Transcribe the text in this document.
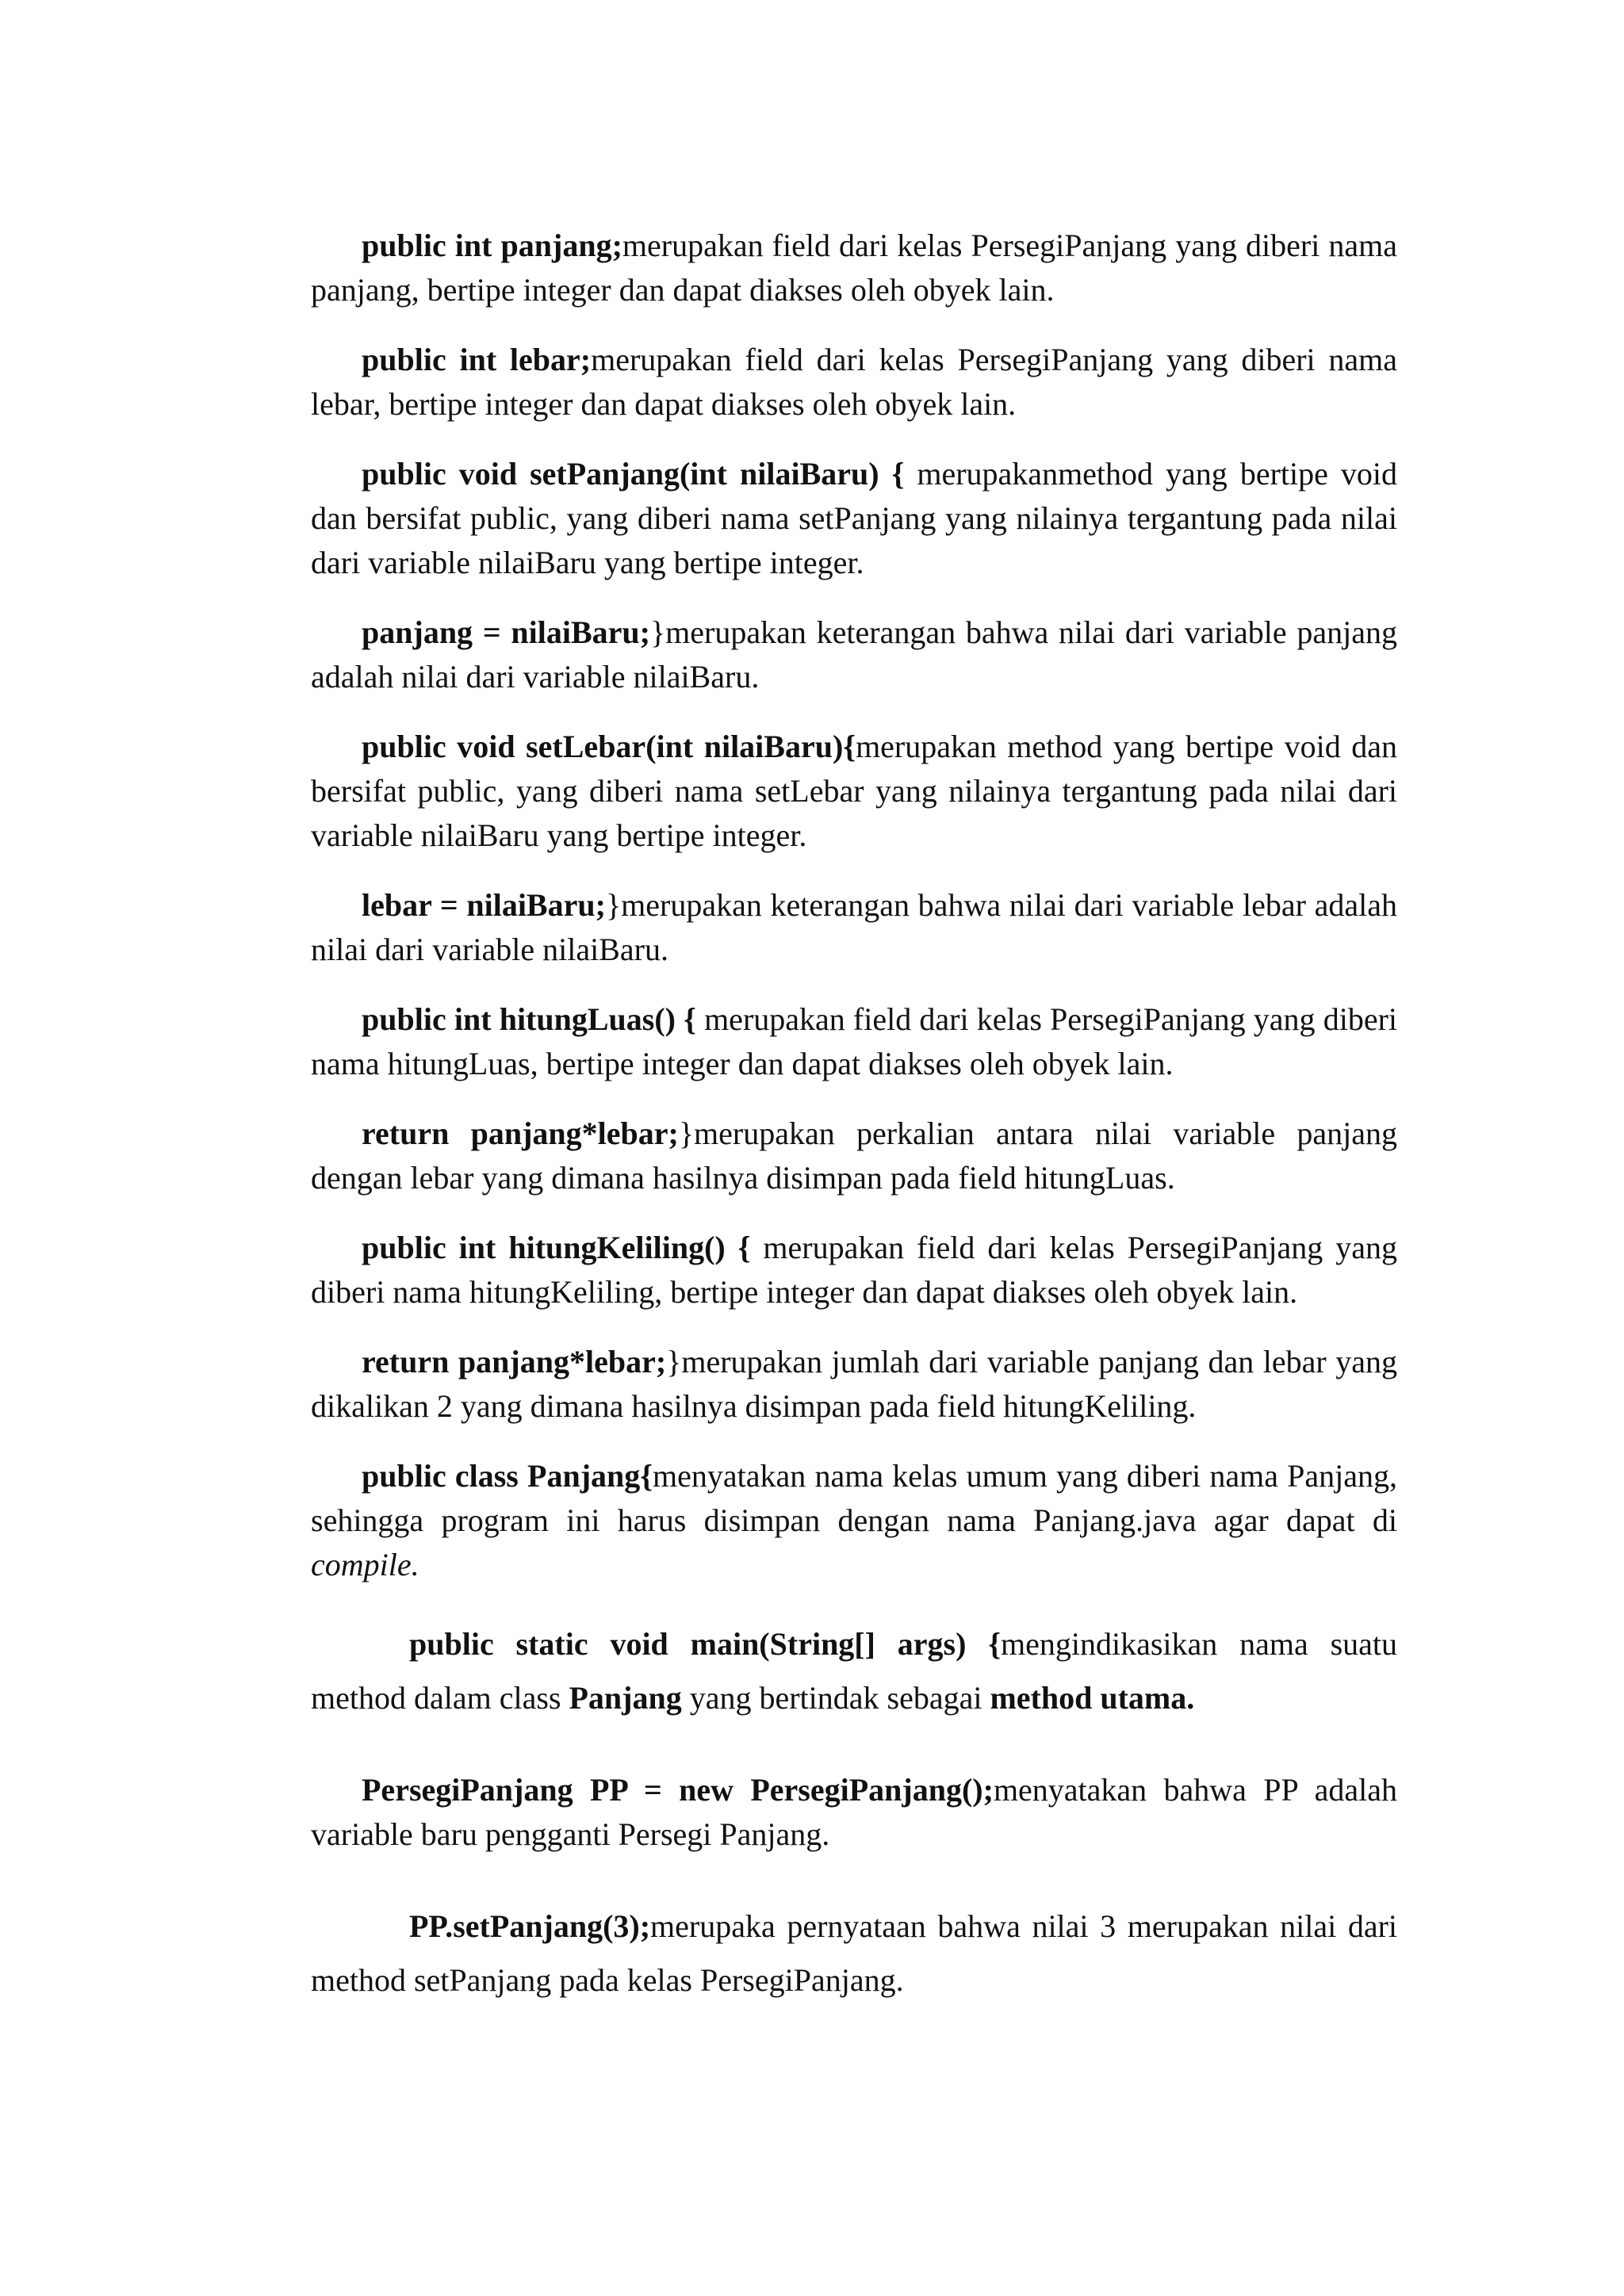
public int panjang;merupakan field dari kelas PersegiPanjang yang diberi nama panjang, bertipe integer dan dapat diakses oleh obyek lain.

public int lebar;merupakan field dari kelas PersegiPanjang yang diberi nama lebar, bertipe integer dan dapat diakses oleh obyek lain.

public void setPanjang(int nilaiBaru) { merupakanmethod yang bertipe void dan bersifat public, yang diberi nama setPanjang yang nilainya tergantung pada nilai dari variable nilaiBaru yang bertipe integer.

panjang = nilaiBaru;}merupakan keterangan bahwa nilai dari variable panjang adalah nilai dari variable nilaiBaru.

public void setLebar(int nilaiBaru){merupakan method yang bertipe void dan bersifat public, yang diberi nama setLebar yang nilainya tergantung pada nilai dari variable nilaiBaru yang bertipe integer.

lebar = nilaiBaru;}merupakan keterangan bahwa nilai dari variable lebar adalah nilai dari variable nilaiBaru.

public int hitungLuas() { merupakan field dari kelas PersegiPanjang yang diberi nama hitungLuas, bertipe integer dan dapat diakses oleh obyek lain.

return panjang*lebar;}merupakan perkalian antara nilai variable panjang dengan lebar yang dimana hasilnya disimpan pada field hitungLuas.

public int hitungKeliling() { merupakan field dari kelas PersegiPanjang yang diberi nama hitungKeliling, bertipe integer dan dapat diakses oleh obyek lain.

return panjang*lebar;}merupakan jumlah dari variable panjang dan lebar yang dikalikan 2 yang dimana hasilnya disimpan pada field hitungKeliling.

public class Panjang{menyatakan nama kelas umum yang diberi nama Panjang, sehingga program ini harus disimpan dengan nama Panjang.java agar dapat di compile.

public static void main(String[] args) {mengindikasikan nama suatu method dalam class Panjang yang bertindak sebagai method utama.

PersegiPanjang PP = new PersegiPanjang();menyatakan bahwa PP adalah variable baru pengganti Persegi Panjang.

PP.setPanjang(3);merupaka pernyataan bahwa nilai 3 merupakan nilai dari method setPanjang pada kelas PersegiPanjang.
